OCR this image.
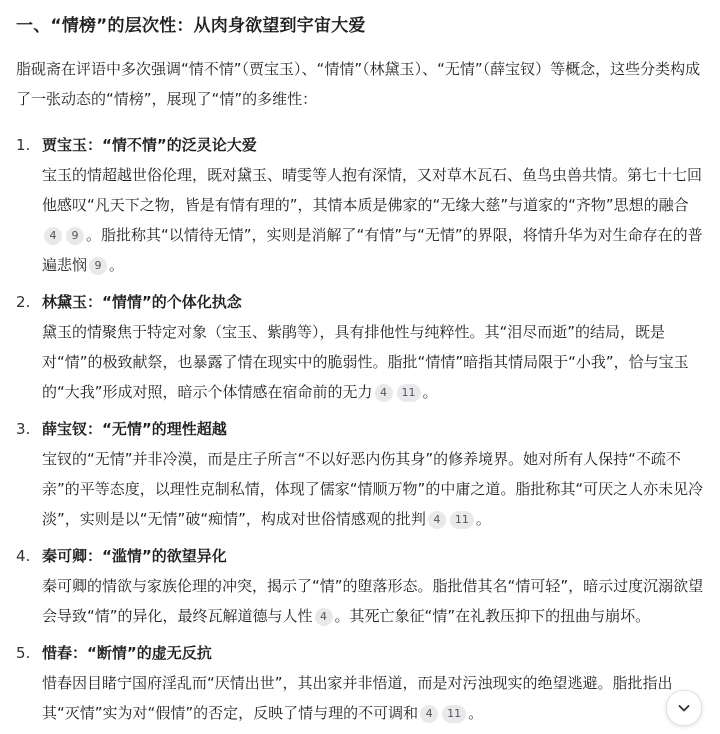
一、“情榜”的层次性：从肉身欲望到宇宙大爱

脂砚斋在评语中多次强调“情不情”（贾宝玉）、“情情”（林黛玉）、“无情”（薛宝钗）等概念，这些分类构成了一张动态的“情榜”，展现了“情”的多维性：

1. 贾宝玉：“情不情”的泛灵论大爱

宝玉的情超越世俗伦理，既对黛玉、晴雯等人抱有深情，又对草木瓦石、鱼鸟虫兽共情。第七十七回他感叹“凡天下之物，皆是有情有理的”，其情本质是佛家的“无缘大慈”与道家的“齐物”思想的融合4 9 。脂批称其“以情待无情”，实则是消解了“有情”与“无情”的界限，将情升华为对生命存在的普遍悲悯 9 。

2. 林黛玉：“情情”的个体化执念

黛玉的情聚焦于特定对象（宝玉、紫鹃等），具有排他性与纯粹性。其“泪尽而逝”的结局，既是对“情”的极致献祭，也暴露了情在现实中的脆弱性。脂批“情情”暗指其情局限于“小我”，恰与宝玉的“大我”形成对照，暗示个体情感在宿命前的无力 4 11 。

3. 薛宝钗：“无情”的理性超越

宝钗的“无情”并非冷漠，而是庄子所言“不以好恶内伤其身”的修养境界。她对所有人保持“不疏不亲”的平等态度，以理性克制私情，体现了儒家“情顺万物”的中庸之道。脂批称其“可厌之人亦未见冷淡”，实则是以“无情”破“痴情”，构成对世俗情感观的批判 4 11 。

4. 秦可卿：“滥情”的欲望异化

秦可卿的情欲与家族伦理的冲突，揭示了“情”的堕落形态。脂批借其名“情可轻”，暗示过度沉溺欲望会导致“情”的异化，最终瓦解道德与人性 4 。其死亡象征“情”在礼教压抑下的扭曲与崩坏。

5. 惜春：“断情”的虚无反抗

惜春因目睹宁国府淫乱而“厌情出世”，其出家并非悟道，而是对污浊现实的绝望逃避。脂批指出其“灭情”实为对“假情”的否定，反映了情与理的不可调和 4 11 。
